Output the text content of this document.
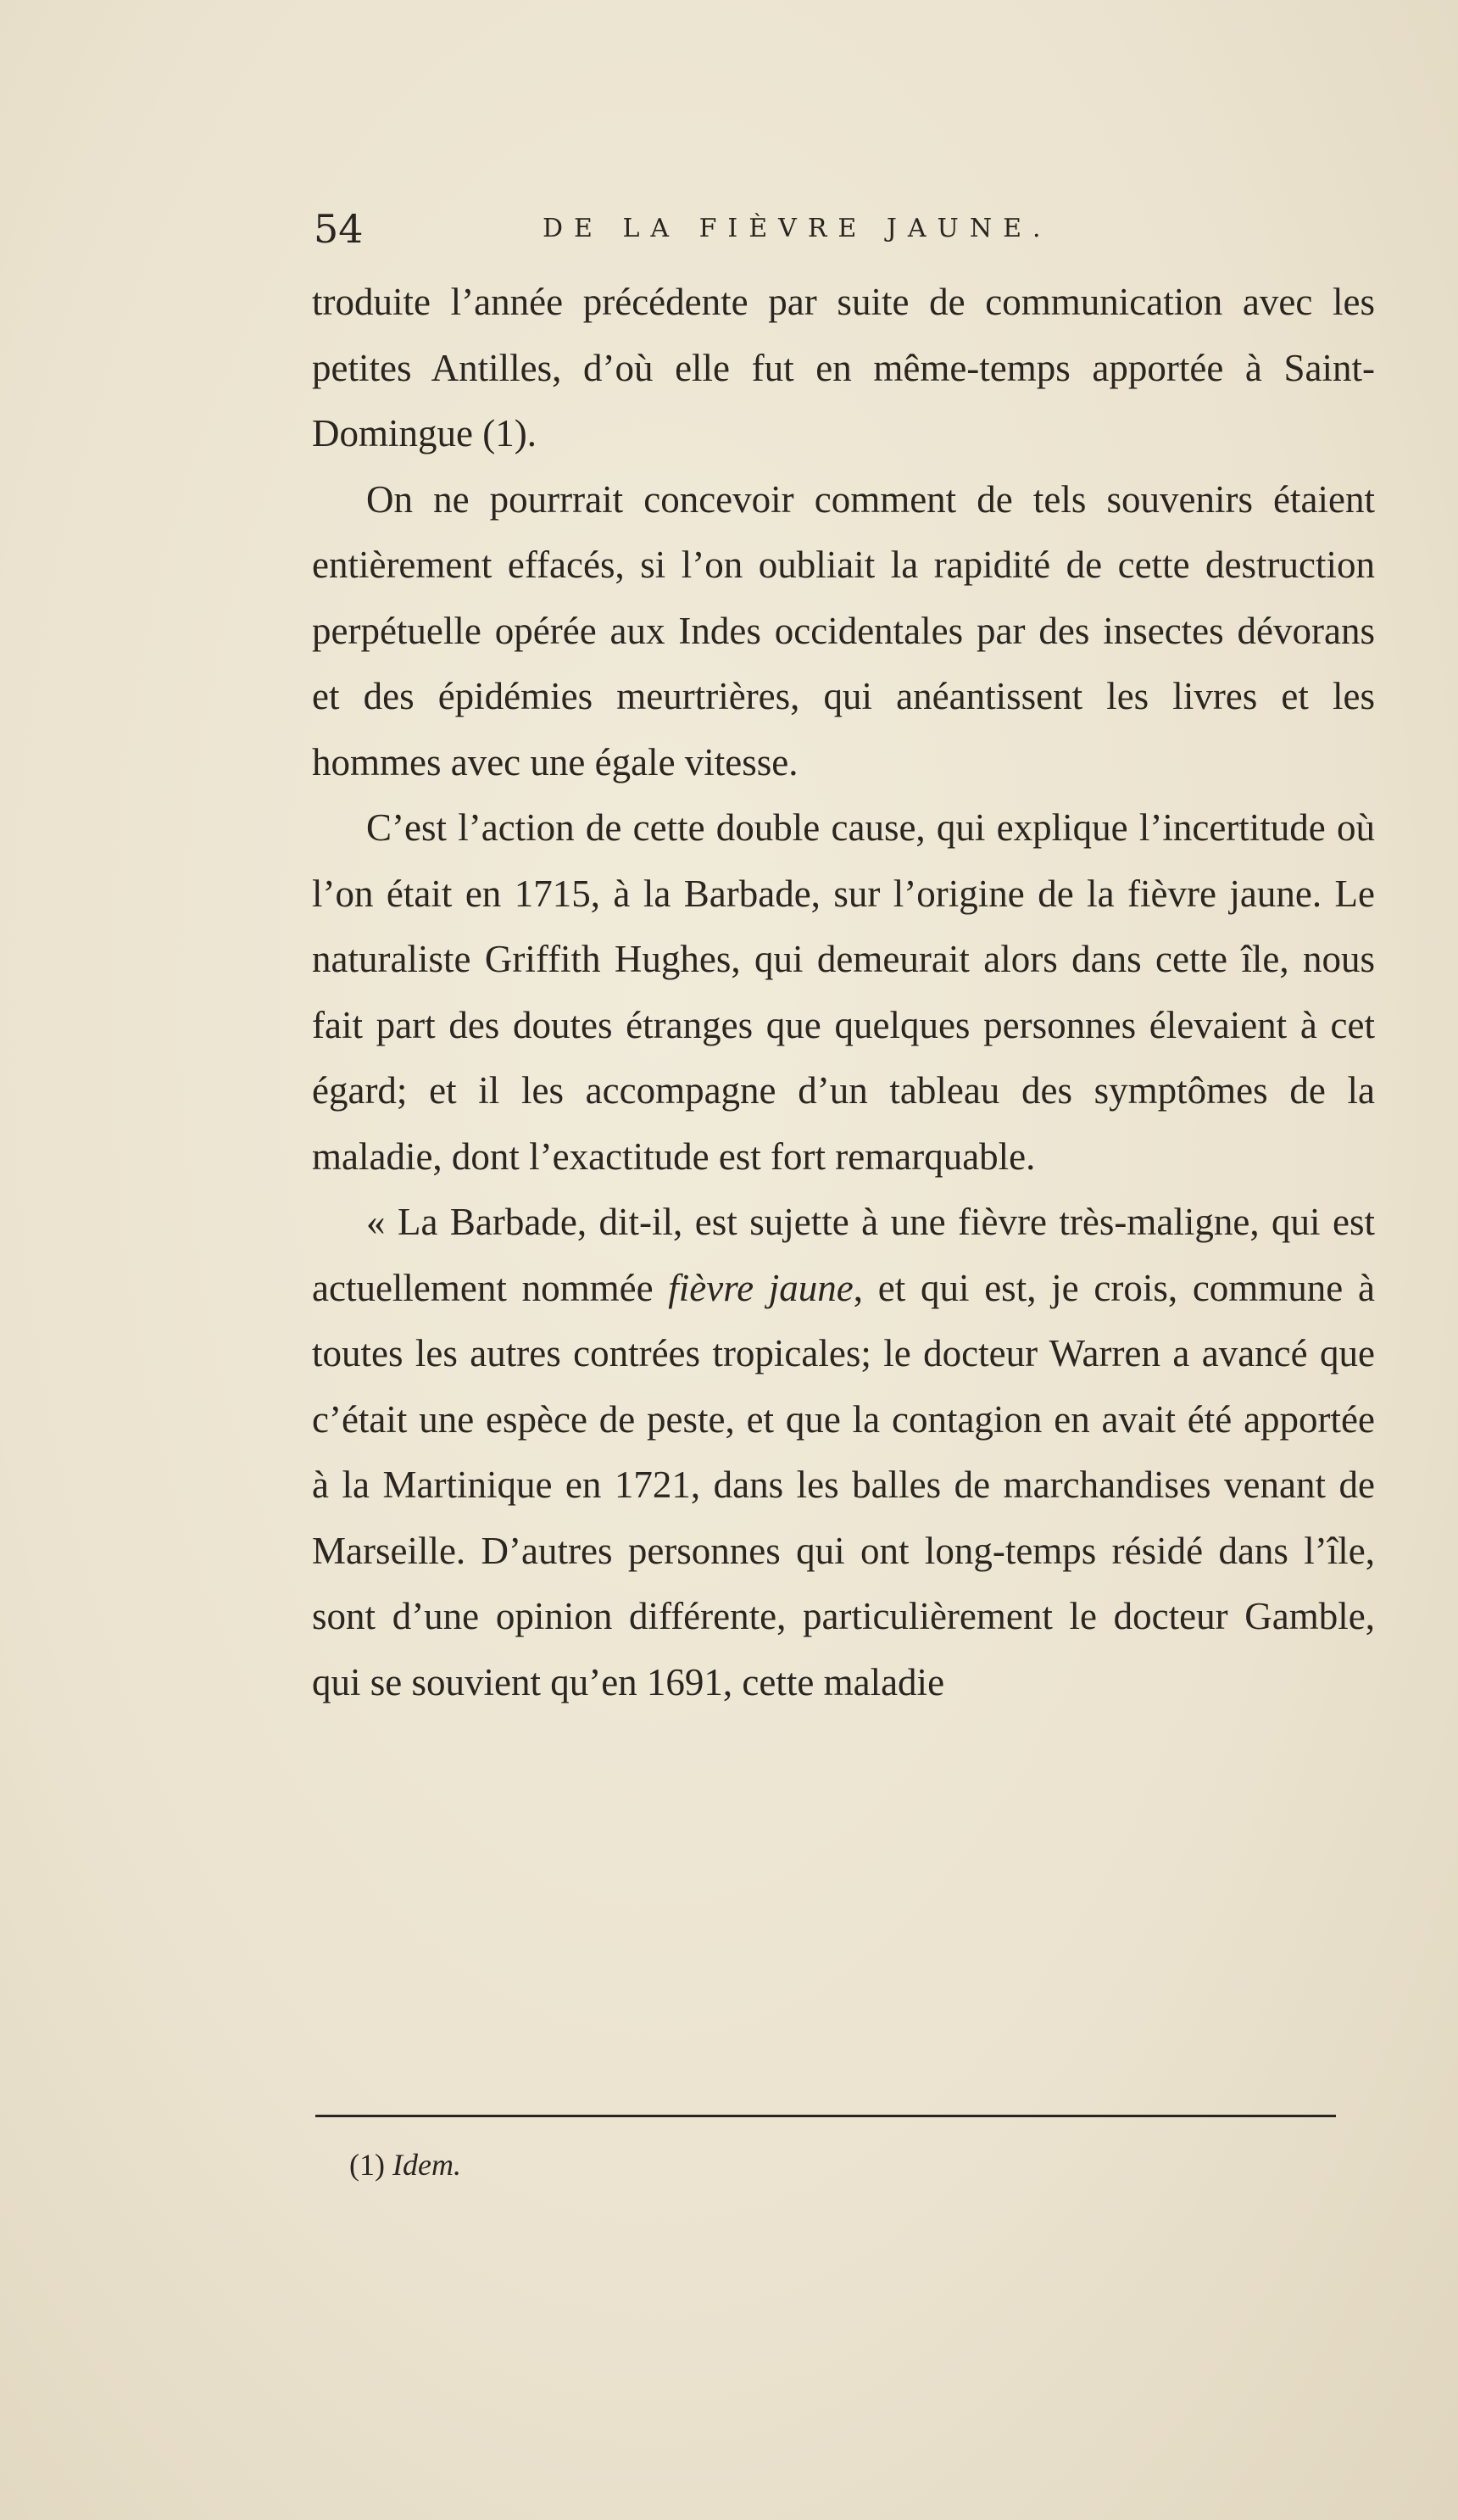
54	DE LA FIÈVRE JAUNE.

troduite l’année précédente par suite de communication avec les petites Antilles, d’où elle fut en même-temps apportée à Saint-Domingue (1).

On ne pourrrait concevoir comment de tels souvenirs étaient entièrement effacés, si l’on oubliait la rapidité de cette destruction perpétuelle opérée aux Indes occidentales par des insectes dévorans et des épidémies meurtrières, qui anéantissent les livres et les hommes avec une égale vitesse.

C’est l’action de cette double cause, qui explique l’incertitude où l’on était en 1715, à la Barbade, sur l’origine de la fièvre jaune. Le naturaliste Griffith Hughes, qui demeurait alors dans cette île, nous fait part des doutes étranges que quelques personnes élevaient à cet égard; et il les accompagne d’un tableau des symptômes de la maladie, dont l’exactitude est fort remarquable.

« La Barbade, dit-il, est sujette à une fièvre très-maligne, qui est actuellement nommée fièvre jaune, et qui est, je crois, commune à toutes les autres contrées tropicales; le docteur Warren a avancé que c’était une espèce de peste, et que la contagion en avait été apportée à la Martinique en 1721, dans les balles de marchandises venant de Marseille. D’autres personnes qui ont long-temps résidé dans l’île, sont d’une opinion différente, particulièrement le docteur Gamble, qui se souvient qu’en 1691, cette maladie

(1) Idem.
